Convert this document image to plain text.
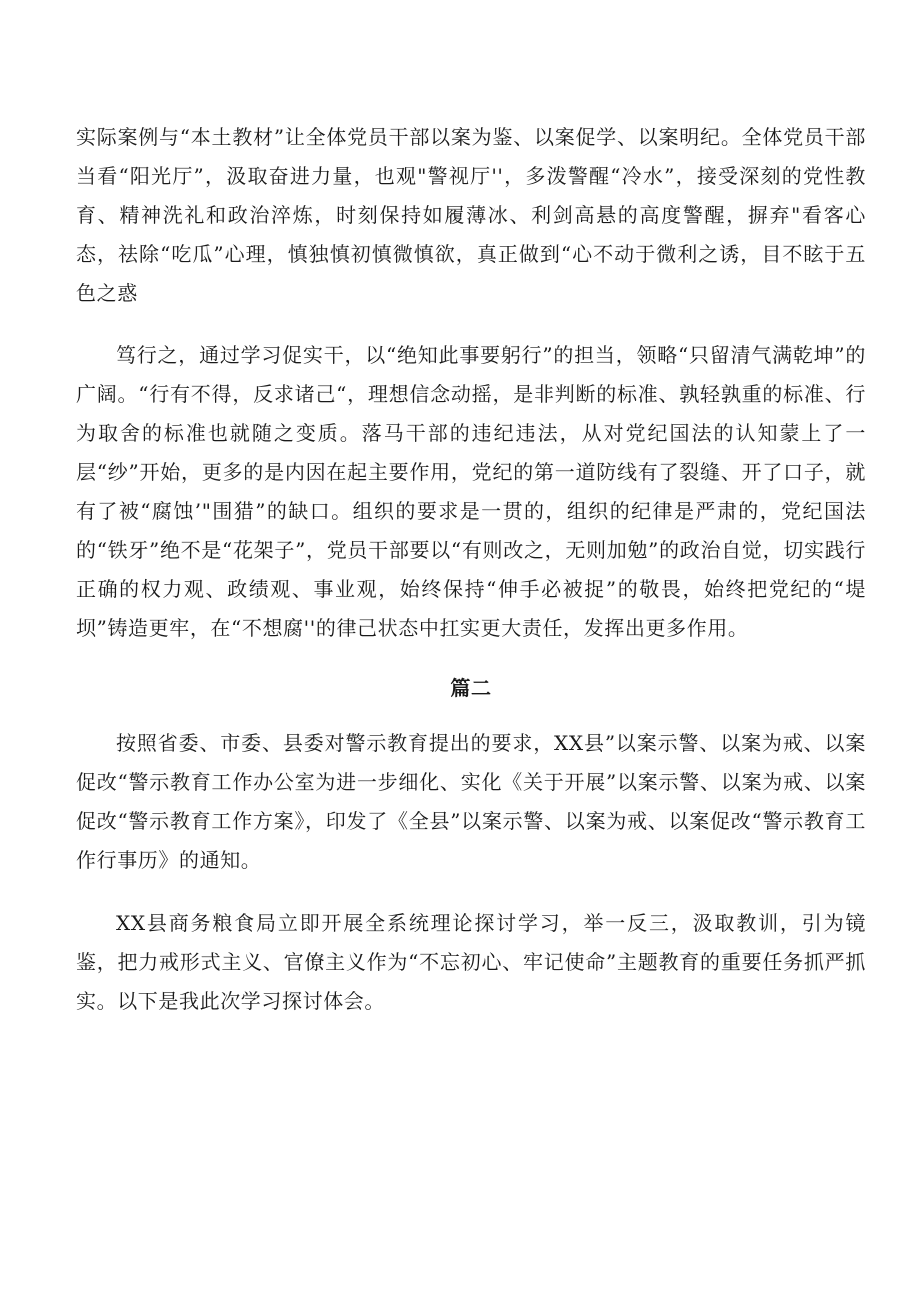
实际案例与“本土教材”让全体党员干部以案为鉴、以案促学、以案明纪。全体党员干部当看“阳光厅”，汲取奋进力量，也观"警视厅''，多泼警醒“冷水”，接受深刻的党性教育、精神洗礼和政治淬炼，时刻保持如履薄冰、利剑高悬的高度警醒，摒弃"看客心态，祛除“吃瓜”心理，慎独慎初慎微慎欲，真正做到“心不动于微利之诱，目不眩于五色之惑

笃行之，通过学习促实干，以“绝知此事要躬行”的担当，领略“只留清气满乾坤”的广阔。“行有不得，反求诸己“，理想信念动摇，是非判断的标准、孰轻孰重的标准、行为取舍的标准也就随之变质。落马干部的违纪违法，从对党纪国法的认知蒙上了一层“纱”开始，更多的是内因在起主要作用，党纪的第一道防线有了裂缝、开了口子，就有了被“腐蚀’"围猎”的缺口。组织的要求是一贯的，组织的纪律是严肃的，党纪国法的“铁牙”绝不是“花架子”，党员干部要以“有则改之，无则加勉”的政治自觉，切实践行正确的权力观、政绩观、事业观，始终保持“伸手必被捉”的敬畏，始终把党纪的“堤坝”铸造更牢，在“不想腐''的律己状态中扛实更大责任，发挥出更多作用。

篇二

按照省委、市委、县委对警示教育提出的要求，XX县”以案示警、以案为戒、以案促改“警示教育工作办公室为进一步细化、实化《关于开展”以案示警、以案为戒、以案促改“警示教育工作方案》，印发了《全县”以案示警、以案为戒、以案促改“警示教育工作行事历》的通知。

XX县商务粮食局立即开展全系统理论探讨学习，举一反三，汲取教训，引为镜鉴，把力戒形式主义、官僚主义作为“不忘初心、牢记使命”主题教育的重要任务抓严抓实。以下是我此次学习探讨体会。
